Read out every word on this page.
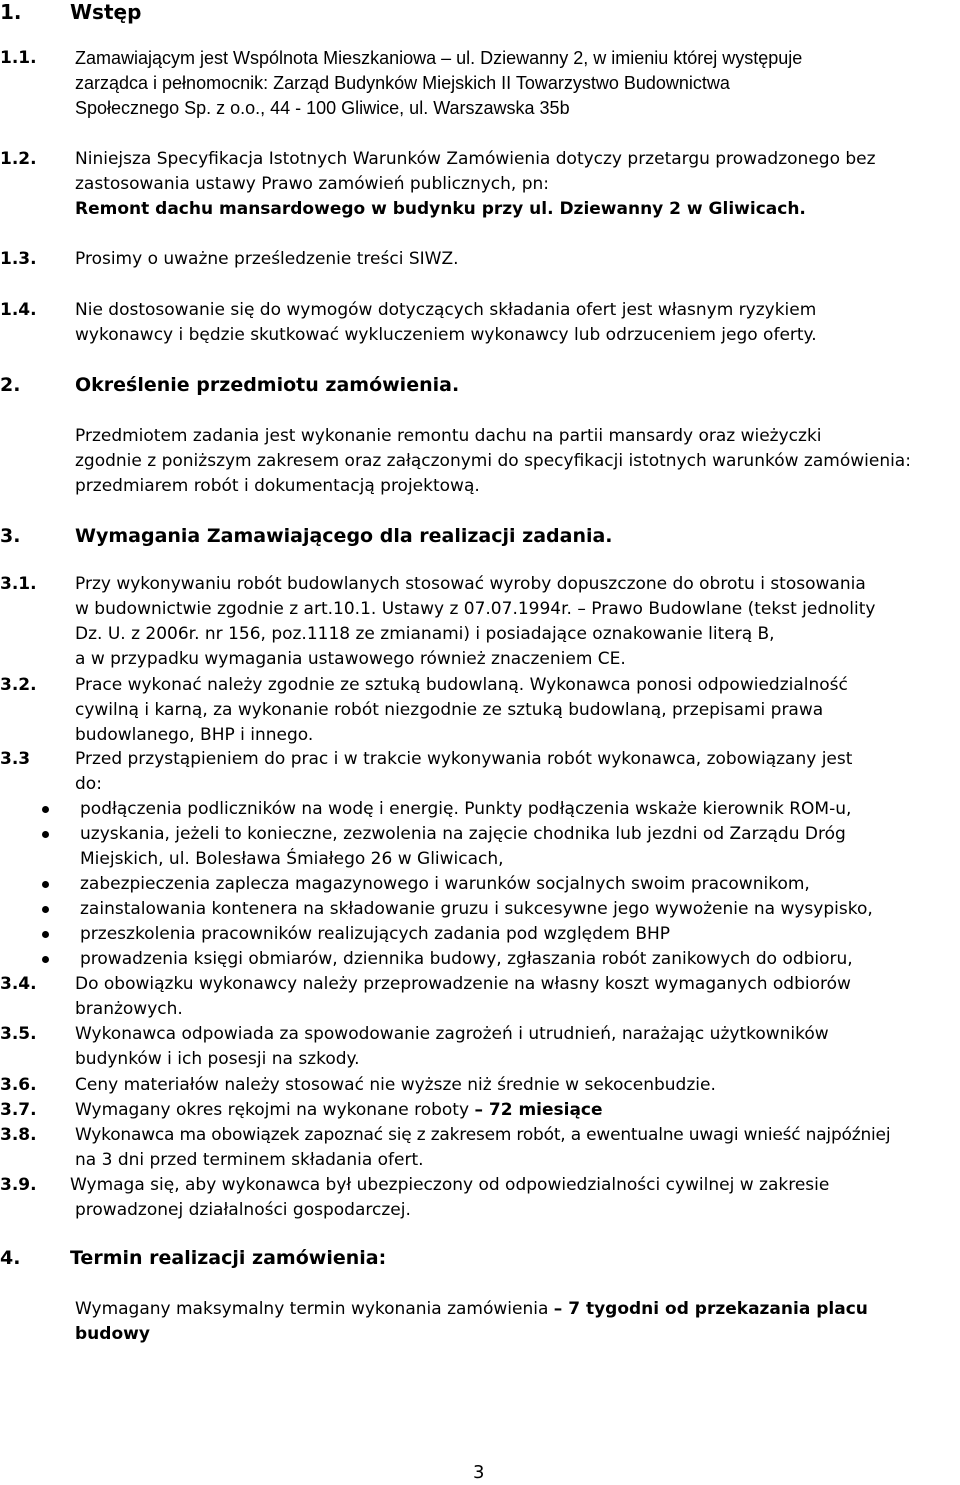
1. Wstęp
1.1. Zamawiającym jest Wspólnota Mieszkaniowa – ul. Dziewanny 2, w imieniu której występuje
zarządca i pełnomocnik: Zarząd Budynków Miejskich II Towarzystwo Budownictwa
Społecznego Sp. z o.o., 44 - 100 Gliwice, ul. Warszawska 35b
1.2. Niniejsza Specyfikacja Istotnych Warunków Zamówienia dotyczy przetargu prowadzonego bez
zastosowania ustawy Prawo zamówień publicznych, pn:
Remont dachu mansardowego w budynku przy ul. Dziewanny 2 w Gliwicach.
1.3. Prosimy o uważne prześledzenie treści SIWZ.
1.4. Nie dostosowanie się do wymogów dotyczących składania ofert jest własnym ryzykiem
wykonawcy i będzie skutkować wykluczeniem wykonawcy lub odrzuceniem jego oferty.
2.	Określenie przedmiotu zamówienia.
Przedmiotem zadania jest wykonanie remontu dachu na partii mansardy oraz wieżyczki
zgodnie z poniższym zakresem oraz załączonymi do specyfikacji istotnych warunków zamówienia:
przedmiarem robót i dokumentacją projektową.
3.	Wymagania Zamawiającego dla realizacji zadania.
3.1. Przy wykonywaniu robót budowlanych stosować wyroby dopuszczone do obrotu i stosowania
w budownictwie zgodnie z art.10.1. Ustawy z 07.07.1994r. – Prawo Budowlane (tekst jednolity
Dz. U. z 2006r. nr 156, poz.1118 ze zmianami) i posiadające oznakowanie literą B,
a w przypadku wymagania ustawowego również znaczeniem CE.
3.2. Prace wykonać należy zgodnie ze sztuką budowlaną. Wykonawca ponosi odpowiedzialność
cywilną i karną, za wykonanie robót niezgodnie ze sztuką budowlaną, przepisami prawa
budowlanego, BHP i innego.
3.3	Przed przystąpieniem do prac i w trakcie wykonywania robót wykonawca, zobowiązany jest
do:
podłączenia podliczników na wodę i energię. Punkty podłączenia wskaże kierownik ROM-u,
uzyskania, jeżeli to konieczne, zezwolenia na zajęcie chodnika lub jezdni od Zarządu Dróg
Miejskich, ul. Bolesława Śmiałego 26 w Gliwicach,
zabezpieczenia zaplecza magazynowego i warunków socjalnych swoim pracownikom,
zainstalowania kontenera na składowanie gruzu i sukcesywne jego wywożenie na wysypisko,
przeszkolenia pracowników realizujących zadania pod względem BHP
prowadzenia księgi obmiarów, dziennika budowy, zgłaszania robót zanikowych do odbioru,
3.4. Do obowiązku wykonawcy należy przeprowadzenie na własny koszt wymaganych odbiorów
branżowych.
3.5. Wykonawca odpowiada za spowodowanie zagrożeń i utrudnień, narażając użytkowników
budynków i ich posesji na szkody.
3.6. Ceny materiałów należy stosować nie wyższe niż średnie w sekocenbudzie.
3.7. Wymagany okres rękojmi na wykonane roboty – 72 miesiące
3.8. Wykonawca ma obowiązek zapoznać się z zakresem robót, a ewentualne uwagi wnieść najpóźniej
na 3 dni przed terminem składania ofert.
3.9. Wymaga się, aby wykonawca był ubezpieczony od odpowiedzialności cywilnej w zakresie
prowadzonej działalności gospodarczej.
4.	Termin realizacji zamówienia:
Wymagany maksymalny termin wykonania zamówienia – 7 tygodni od przekazania placu
budowy
3
